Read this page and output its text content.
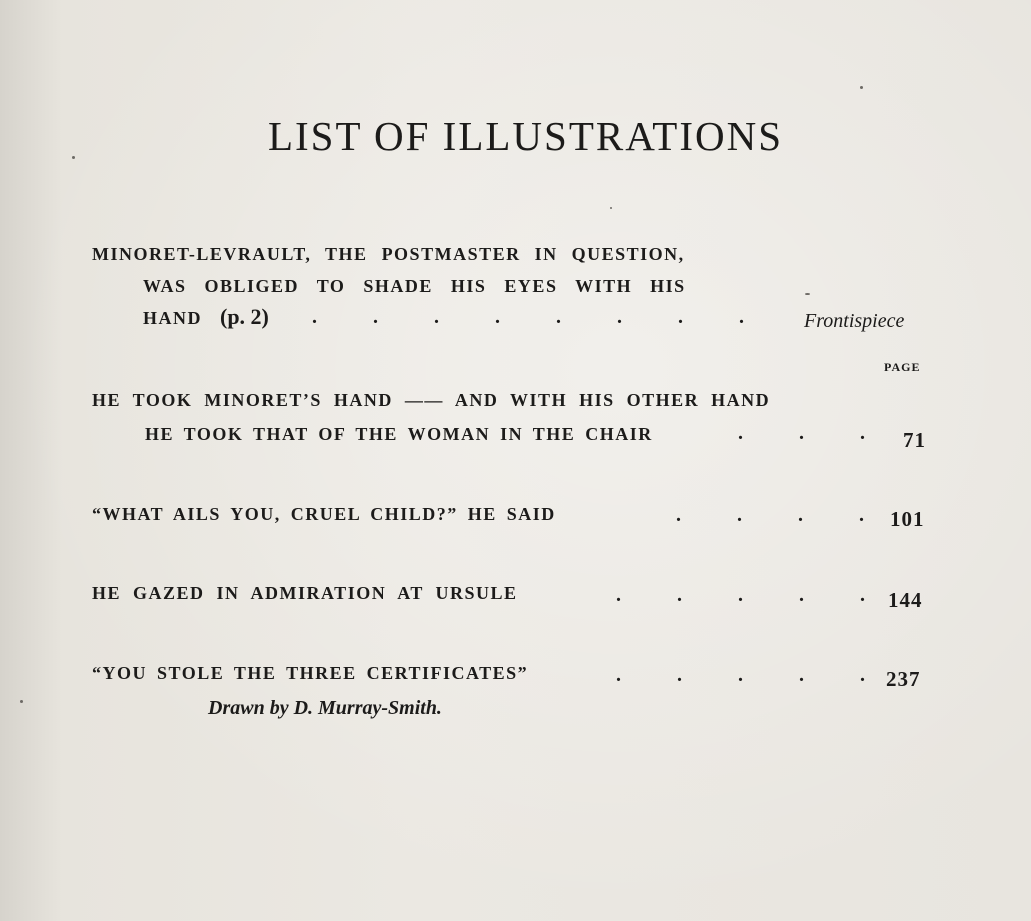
LIST OF ILLUSTRATIONS
MINORET-LEVRAULT, THE POSTMASTER IN QUESTION,
WAS OBLIGED TO SHADE HIS EYES WITH HIS
HAND (p. 2)	.	.	.	.	.	.	.	.	Frontispiece
PAGE
HE TOOK MINORET’S HAND —— AND WITH HIS OTHER HAND
HE TOOK THAT OF THE WOMAN IN THE CHAIR	.	.	.	71
“WHAT AILS YOU, CRUEL CHILD?” HE SAID	.	.	.	.	101
HE GAZED IN ADMIRATION AT URSULE	.	.	.	.	.	144
“YOU STOLE THE THREE CERTIFICATES”	.	.	.	.	.	237
Drawn by D. Murray-Smith.
